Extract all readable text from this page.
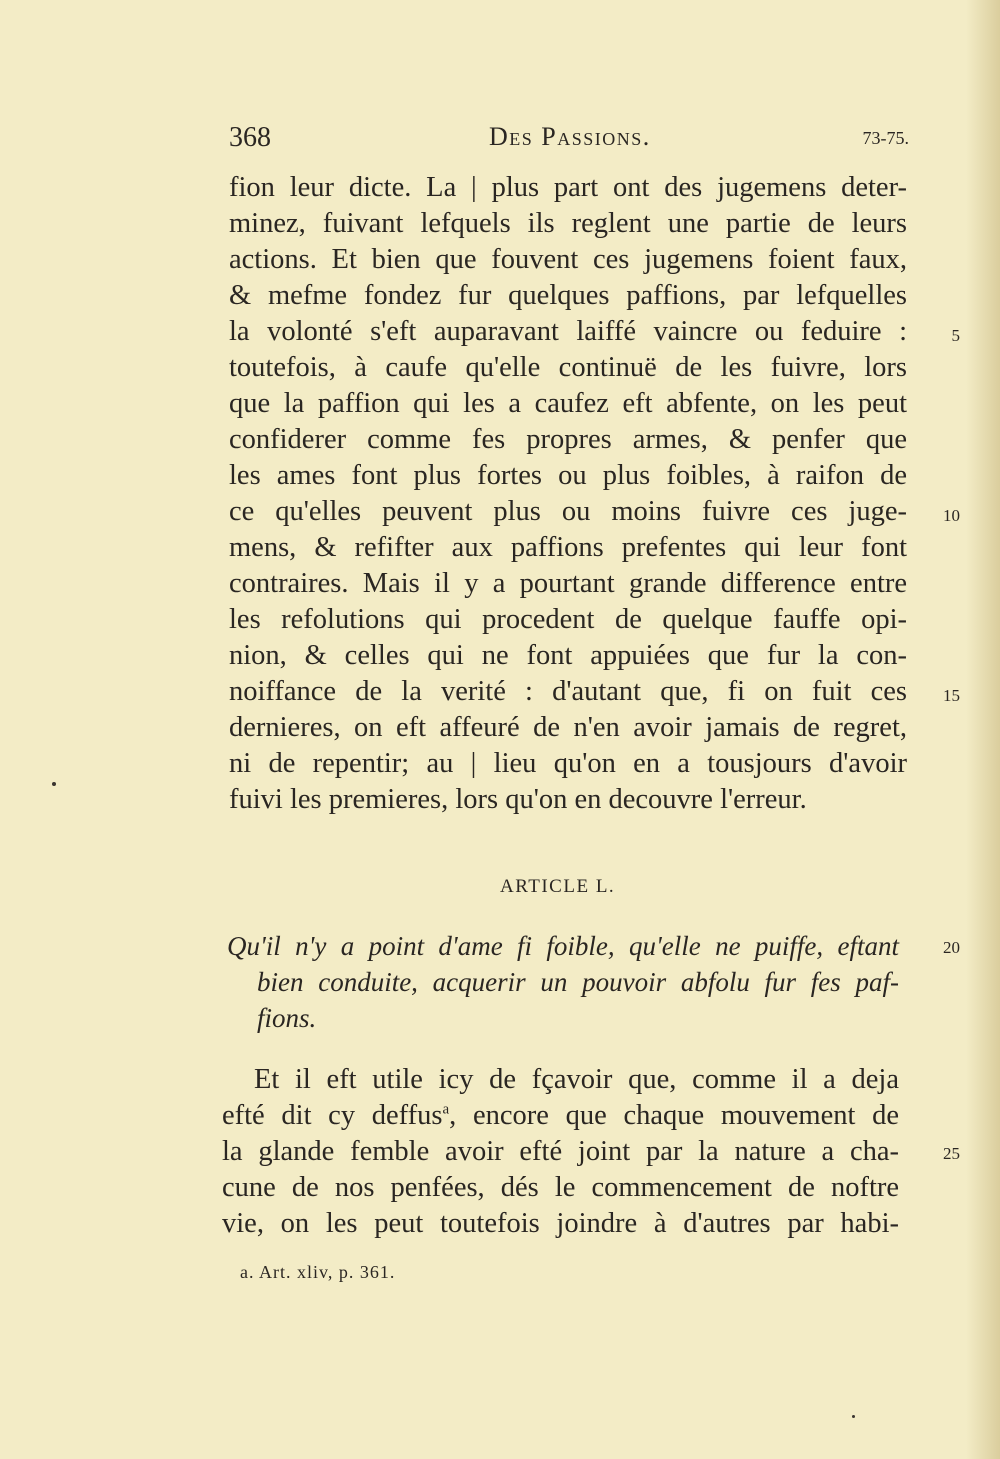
368	Des Passions.	73-75.

fion leur dicte. La | plus part ont des jugemens deter-

minez, fuivant lefquels ils reglent une partie de leurs

actions. Et bien que fouvent ces jugemens foient faux,

& mefme fondez fur quelques paffions, par lefquelles

la volonté s'eft auparavant laiffé vaincre ou feduire :

toutefois, à caufe qu'elle continuë de les fuivre, lors

que la paffion qui les a caufez eft abfente, on les peut

confiderer comme fes propres armes, & penfer que

les ames font plus fortes ou plus foibles, à raifon de

ce qu'elles peuvent plus ou moins fuivre ces juge-

mens, & refifter aux paffions prefentes qui leur font

contraires. Mais il y a pourtant grande difference entre

les refolutions qui procedent de quelque fauffe opi-

nion, & celles qui ne font appuiées que fur la con-

noiffance de la verité : d'autant que, fi on fuit ces

dernieres, on eft affeuré de n'en avoir jamais de regret,

ni de repentir; au | lieu qu'on en a tousjours d'avoir

fuivi les premieres, lors qu'on en decouvre l'erreur.

ARTICLE L.
Qu'il n'y a point d'ame fi foible, qu'elle ne puiffe, eftant
bien conduite, acquerir un pouvoir abfolu fur fes paf-
fions.

Et il eft utile icy de fçavoir que, comme il a deja

efté dit cy deffus$^a$, encore que chaque mouvement de

la glande femble avoir efté joint par la nature a cha-

cune de nos penfées, dés le commencement de noftre

vie, on les peut toutefois joindre à d'autres par habi-

5
10
15
20
25
a. Art. xliv, p. 361.
